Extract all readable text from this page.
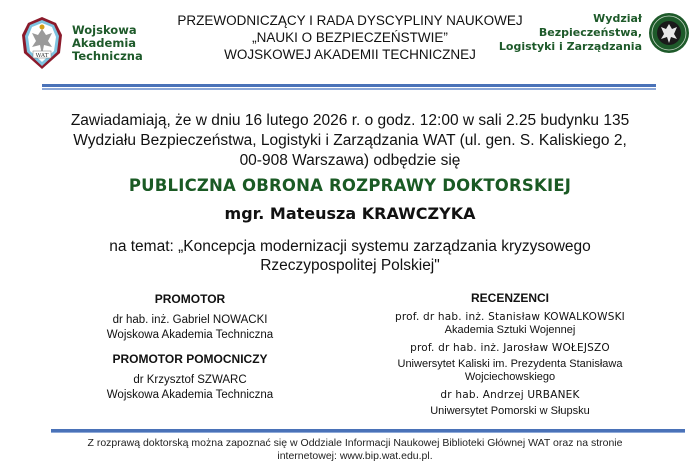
WAT
Wojskowa
Akademia
Techniczna
PRZEWODNICZĄCY I RADA DYSCYPLINY NAUKOWEJ
„NAUKI O BEZPIECZEŃSTWIE”
WOJSKOWEJ AKADEMII TECHNICZNEJ
Wydział
Bezpieczeństwa,
Logistyki i Zarządzania
Zawiadamiają, że w dniu 16 lutego 2026 r. o godz. 12:00 w sali 2.25 budynku 135
Wydziału Bezpieczeństwa, Logistyki i Zarządzania WAT (ul. gen. S. Kaliskiego 2,
00-908 Warszawa) odbędzie się
PUBLICZNA OBRONA ROZPRAWY DOKTORSKIEJ
mgr. Mateusza KRAWCZYKA
na temat: „Koncepcja modernizacji systemu zarządzania kryzysowego
Rzeczypospolitej Polskiej"
PROMOTOR
dr hab. inż. Gabriel NOWACKI
Wojskowa Akademia Techniczna
PROMOTOR POMOCNICZY
dr Krzysztof SZWARC
Wojskowa Akademia Techniczna
RECENZENCI
prof. dr hab. inż. Stanisław KOWALKOWSKI
Akademia Sztuki Wojennej
prof. dr hab. inż. Jarosław WOŁEJSZO
Uniwersytet Kaliski im. Prezydenta Stanisława
Wojciechowskiego
dr hab. Andrzej URBANEK
Uniwersytet Pomorski w Słupsku
Z rozprawą doktorską można zapoznać się w Oddziale Informacji Naukowej Biblioteki Głównej WAT oraz na stronie
internetowej: www.bip.wat.edu.pl.
